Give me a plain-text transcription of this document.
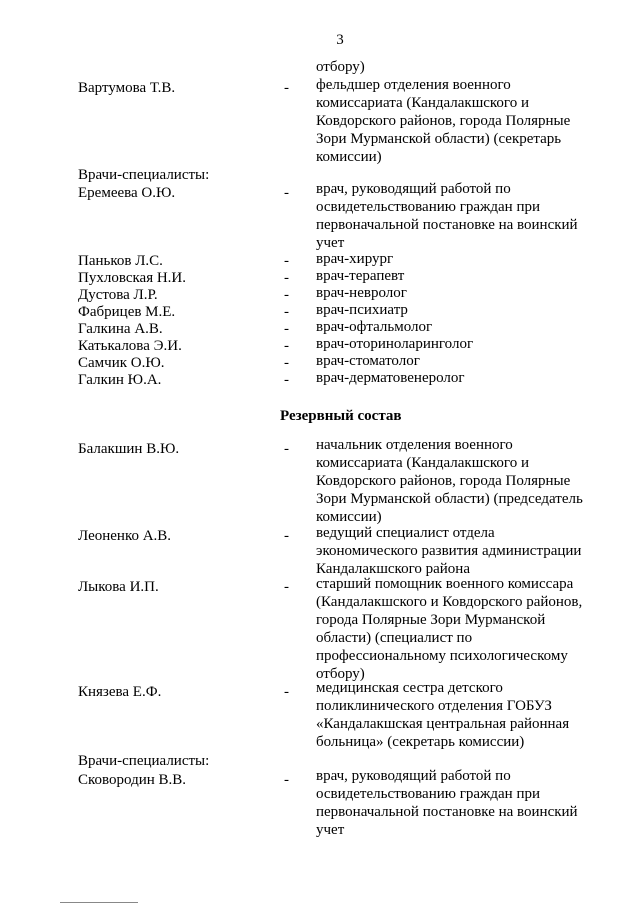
3
отбору)
Вартумова Т.В.	- фельдшер отделения военного
комиссариата (Кандалакшского и
Ковдорского районов, города Полярные
Зори Мурманской области) (секретарь
комиссии)
Врачи-специалисты:
Еремеева О.Ю.	- врач, руководящий работой по
освидетельствованию граждан при
первоначальной постановке на воинский
учет
Паньков Л.С.	- врач-хирург
Пухловская Н.И.	- врач-терапевт
Дустова Л.Р.	- врач-невролог
Фабрицев М.Е.	- врач-психиатр
Галкина А.В.	- врач-офтальмолог
Катькалова Э.И.	- врач-оториноларинголог
Самчик О.Ю.	- врач-стоматолог
Галкин Ю.А.	- врач-дерматовенеролог
Резервный состав
Балакшин В.Ю.	- начальник отделения военного
комиссариата (Кандалакшского и
Ковдорского районов, города Полярные
Зори Мурманской области) (председатель
комиссии)
Леоненко А.В.	- ведущий специалист отдела
экономического развития администрации
Кандалакшского района
Лыкова И.П.	- старший помощник военного комиссара
(Кандалакшского и Ковдорского районов,
города Полярные Зори Мурманской
области) (специалист по
профессиональному психологическому
отбору)
Князева Е.Ф.	- медицинская сестра детского
поликлинического отделения ГОБУЗ
«Кандалакшская центральная районная
больница» (секретарь комиссии)
Врачи-специалисты:
Сковородин В.В.	- врач, руководящий работой по
освидетельствованию граждан при
первоначальной постановке на воинский
учет
